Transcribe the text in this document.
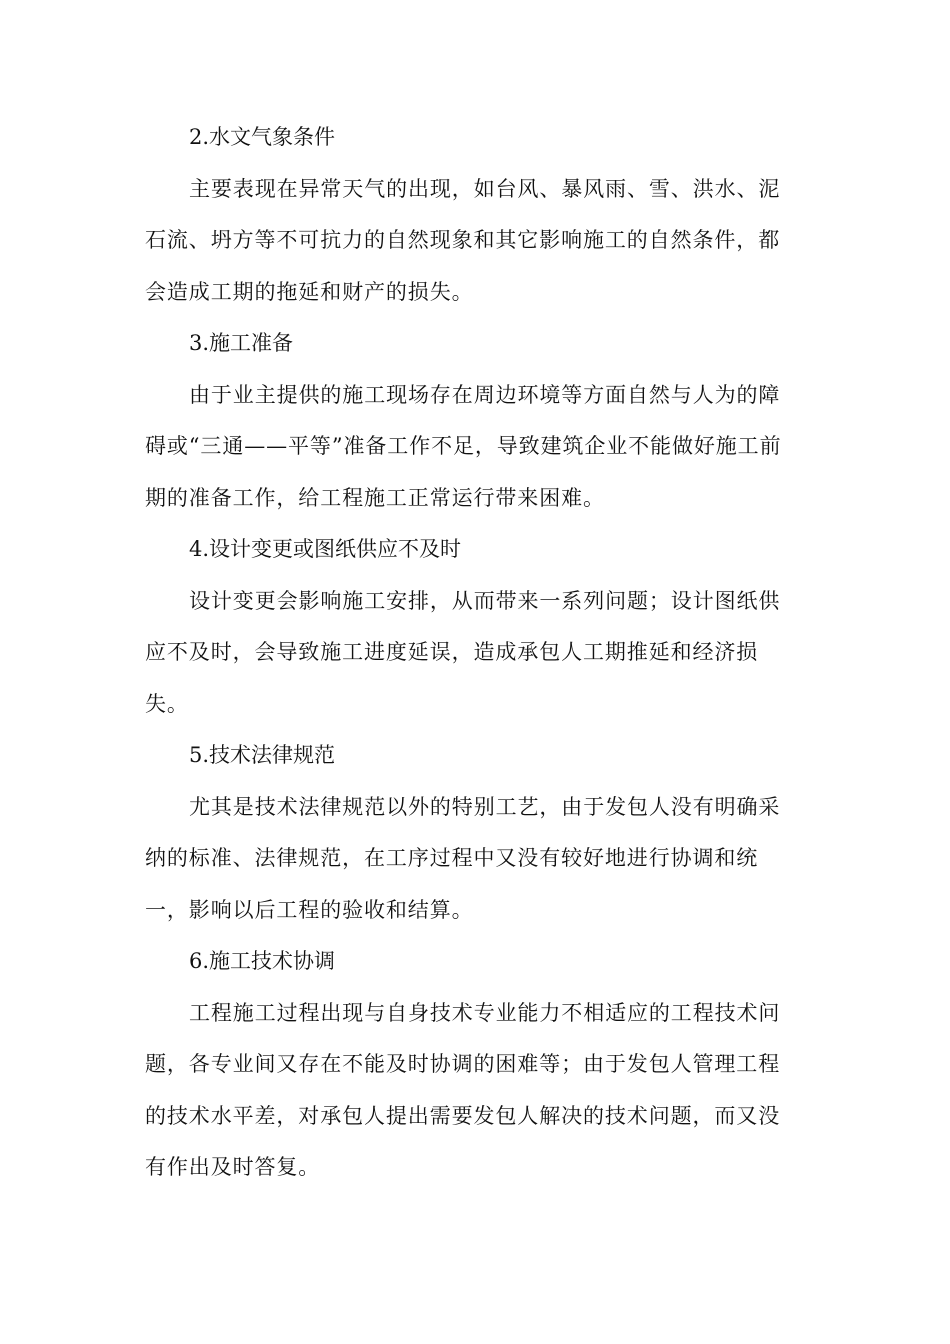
2.水文气象条件

主要表现在异常天气的出现，如台风、暴风雨、雪、洪水、泥
石流、坍方等不可抗力的自然现象和其它影响施工的自然条件，都
会造成工期的拖延和财产的损失。

3.施工准备

由于业主提供的施工现场存在周边环境等方面自然与人为的障
碍或“三通——平等”准备工作不足，导致建筑企业不能做好施工前
期的准备工作，给工程施工正常运行带来困难。

4.设计变更或图纸供应不及时

设计变更会影响施工安排，从而带来一系列问题；设计图纸供
应不及时，会导致施工进度延误，造成承包人工期推延和经济损
失。

5.技术法律规范

尤其是技术法律规范以外的特别工艺，由于发包人没有明确采
纳的标准、法律规范，在工序过程中又没有较好地进行协调和统
一，影响以后工程的验收和结算。

6.施工技术协调

工程施工过程出现与自身技术专业能力不相适应的工程技术问
题，各专业间又存在不能及时协调的困难等；由于发包人管理工程
的技术水平差，对承包人提出需要发包人解决的技术问题，而又没
有作出及时答复。
